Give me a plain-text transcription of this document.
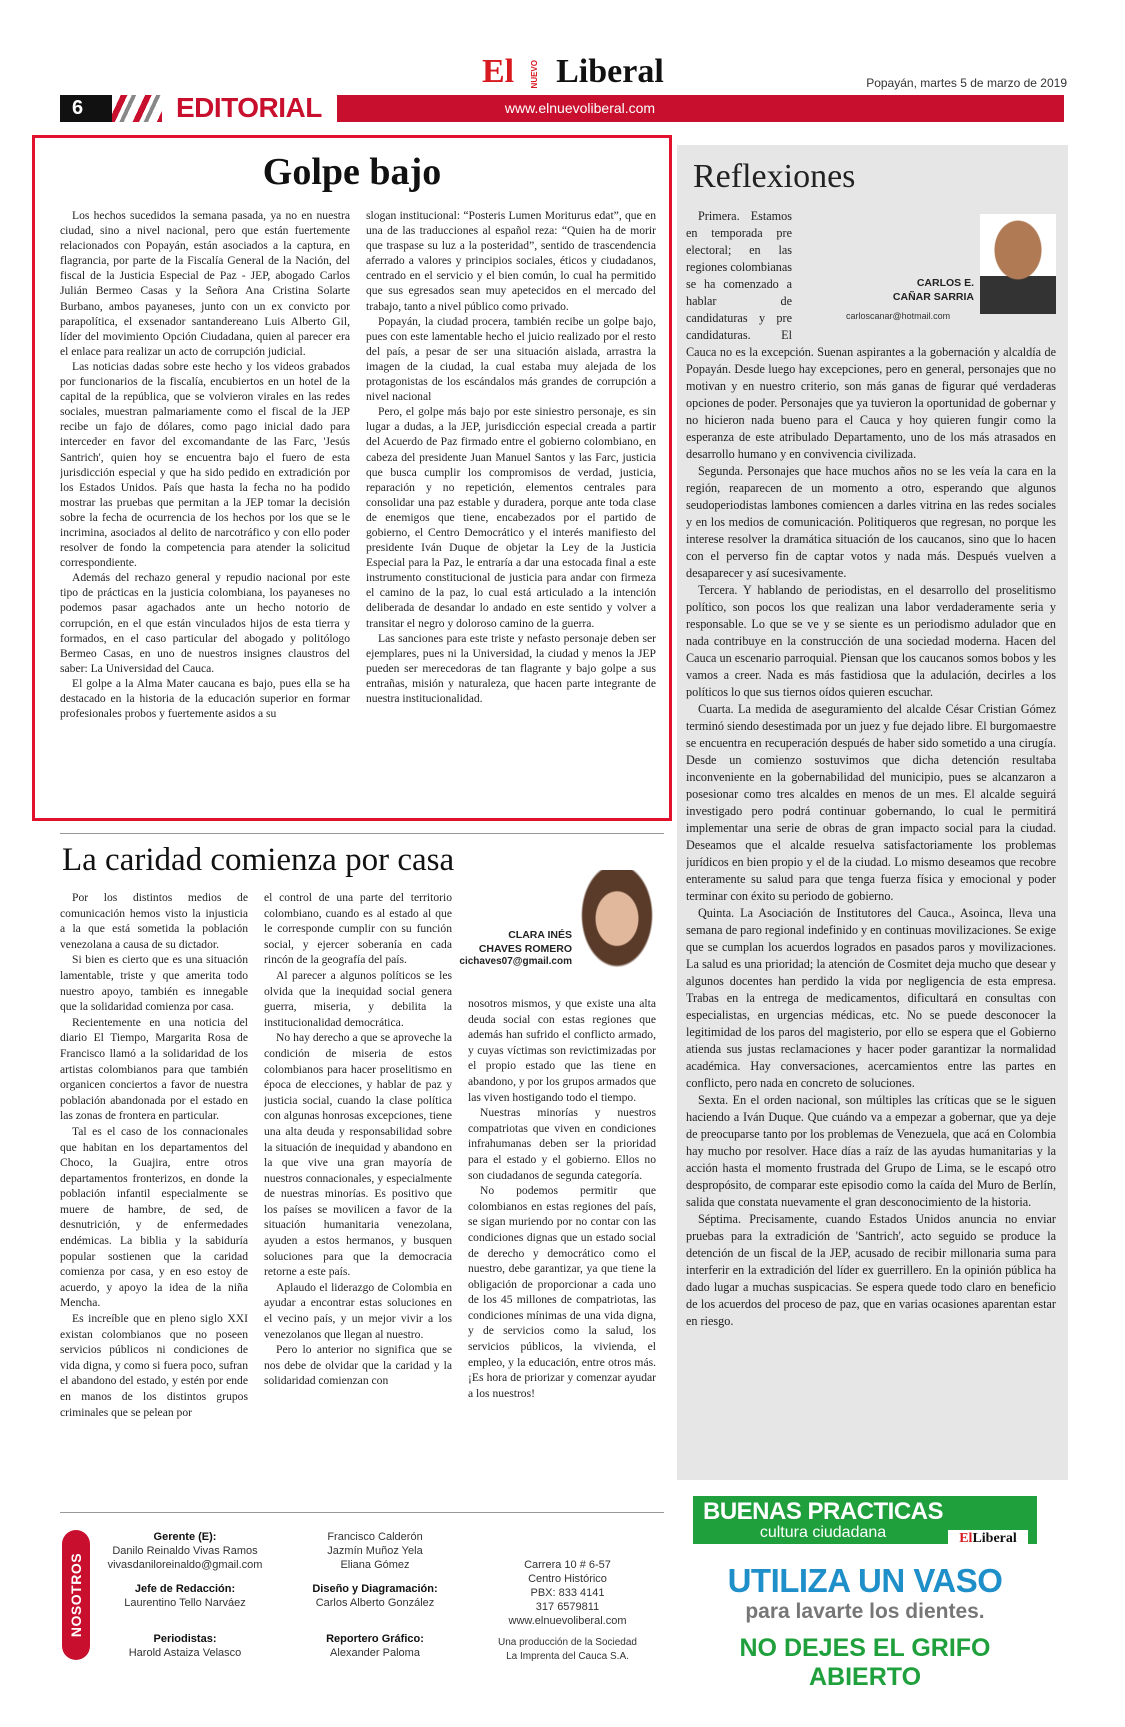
El NUEVO Liberal	Popayán, martes 5 de marzo de 2019
6	EDITORIAL	www.elnuevoliberal.com
Golpe bajo

Los hechos sucedidos la semana pasada, ya no en nuestra ciudad, sino a nivel nacional, pero que están fuertemente relacionados con Popayán, están asociados a la captura, en flagrancia, por parte de la Fiscalía General de la Nación, del fiscal de la Justicia Especial de Paz - JEP, abogado Carlos Julián Bermeo Casas y la Señora Ana Cristina Solarte Burbano, ambos payaneses, junto con un ex convicto por parapolítica, el exsenador santandereano Luis Alberto Gil, líder del movimiento Opción Ciudadana, quien al parecer era el enlace para realizar un acto de corrupción judicial.

Las noticias dadas sobre este hecho y los videos grabados por funcionarios de la fiscalía, encubiertos en un hotel de la capital de la república, que se volvieron virales en las redes sociales, muestran palmariamente como el fiscal de la JEP recibe un fajo de dólares, como pago inicial dado para interceder en favor del excomandante de las Farc, 'Jesús Santrich', quien hoy se encuentra bajo el fuero de esta jurisdicción especial y que ha sido pedido en extradición por los Estados Unidos. País que hasta la fecha no ha podido mostrar las pruebas que permitan a la JEP tomar la decisión sobre la fecha de ocurrencia de los hechos por los que se le incrimina, asociados al delito de narcotráfico y con ello poder resolver de fondo la competencia para atender la solicitud correspondiente.

Además del rechazo general y repudio nacional por este tipo de prácticas en la justicia colombiana, los payaneses no podemos pasar agachados ante un hecho notorio de corrupción, en el que están vinculados hijos de esta tierra y formados, en el caso particular del abogado y politólogo Bermeo Casas, en uno de nuestros insignes claustros del saber: La Universidad del Cauca.

El golpe a la Alma Mater caucana es bajo, pues ella se ha destacado en la historia de la educación superior en formar profesionales probos y fuertemente asidos a su

slogan institucional: “Posteris Lumen Moriturus edat”, que en una de las traducciones al español reza: “Quien ha de morir que traspase su luz a la posteridad”, sentido de trascendencia aferrado a valores y principios sociales, éticos y ciudadanos, centrado en el servicio y el bien común, lo cual ha permitido que sus egresados sean muy apetecidos en el mercado del trabajo, tanto a nivel público como privado.

Popayán, la ciudad procera, también recibe un golpe bajo, pues con este lamentable hecho el juicio realizado por el resto del país, a pesar de ser una situación aislada, arrastra la imagen de la ciudad, la cual estaba muy alejada de los protagonistas de los escándalos más grandes de corrupción a nivel nacional

Pero, el golpe más bajo por este siniestro personaje, es sin lugar a dudas, a la JEP, jurisdicción especial creada a partir del Acuerdo de Paz firmado entre el gobierno colombiano, en cabeza del presidente Juan Manuel Santos y las Farc, justicia que busca cumplir los compromisos de verdad, justicia, reparación y no repetición, elementos centrales para consolidar una paz estable y duradera, porque ante toda clase de enemigos que tiene, encabezados por el partido de gobierno, el Centro Democrático y el interés manifiesto del presidente Iván Duque de objetar la Ley de la Justicia Especial para la Paz, le entraría a dar una estocada final a este instrumento constitucional de justicia para andar con firmeza el camino de la paz, lo cual está articulado a la intención deliberada de desandar lo andado en este sentido y volver a transitar el negro y doloroso camino de la guerra.

Las sanciones para este triste y nefasto personaje deben ser ejemplares, pues ni la Universidad, la ciudad y menos la JEP pueden ser merecedoras de tan flagrante y bajo golpe a sus entrañas, misión y naturaleza, que hacen parte integrante de nuestra institucionalidad.

Reflexiones
CARLOS E.
CAÑAR SARRIA
carloscanar@hotmail.com

Primera. Estamos en temporada pre electoral; en las regiones colombianas se ha comenzado a hablar de candidaturas y pre candidaturas. El Cauca no es la excepción. Suenan aspirantes a la gobernación y alcaldía de Popayán. Desde luego hay excepciones, pero en general, personajes que no motivan y en nuestro criterio, son más ganas de figurar qué verdaderas opciones de poder. Personajes que ya tuvieron la oportunidad de gobernar y no hicieron nada bueno para el Cauca y hoy quieren fungir como la esperanza de este atribulado Departamento, uno de los más atrasados en desarrollo humano y en convivencia civilizada.

Segunda. Personajes que hace muchos años no se les veía la cara en la región, reaparecen de un momento a otro, esperando que algunos seudoperiodistas lambones comiencen a darles vitrina en las redes sociales y en los medios de comunicación. Politiqueros que regresan, no porque les interese resolver la dramática situación de los caucanos, sino que lo hacen con el perverso fin de captar votos y nada más. Después vuelven a desaparecer y así sucesivamente.

Tercera. Y hablando de periodistas, en el desarrollo del proselitismo político, son pocos los que realizan una labor verdaderamente seria y responsable. Lo que se ve y se siente es un periodismo adulador que en nada contribuye en la construcción de una sociedad moderna. Hacen del Cauca un escenario parroquial. Piensan que los caucanos somos bobos y les vamos a creer. Nada es más fastidiosa que la adulación, decirles a los políticos lo que sus tiernos oídos quieren escuchar.

Cuarta. La medida de aseguramiento del alcalde César Cristian Gómez terminó siendo desestimada por un juez y fue dejado libre. El burgomaestre se encuentra en recuperación después de haber sido sometido a una cirugía. Desde un comienzo sostuvimos que dicha detención resultaba inconveniente en la gobernabilidad del municipio, pues se alcanzaron a posesionar como tres alcaldes en menos de un mes. El alcalde seguirá investigado pero podrá continuar gobernando, lo cual le permitirá implementar una serie de obras de gran impacto social para la ciudad. Deseamos que el alcalde resuelva satisfactoriamente los problemas jurídicos en bien propio y el de la ciudad. Lo mismo deseamos que recobre enteramente su salud para que tenga fuerza física y emocional y poder terminar con éxito su periodo de gobierno.

Quinta. La Asociación de Institutores del Cauca., Asoinca, lleva una semana de paro regional indefinido y en continuas movilizaciones. Se exige que se cumplan los acuerdos logrados en pasados paros y movilizaciones. La salud es una prioridad; la atención de Cosmitet deja mucho que desear y algunos docentes han perdido la vida por negligencia de esta empresa. Trabas en la entrega de medicamentos, dificultará en consultas con especialistas, en urgencias médicas, etc. No se puede desconocer la legitimidad de los paros del magisterio, por ello se espera que el Gobierno atienda sus justas reclamaciones y hacer poder garantizar la normalidad académica. Hay conversaciones, acercamientos entre las partes en conflicto, pero nada en concreto de soluciones.

Sexta. En el orden nacional, son múltiples las críticas que se le siguen haciendo a Iván Duque. Que cuándo va a empezar a gobernar, que ya deje de preocuparse tanto por los problemas de Venezuela, que acá en Colombia hay mucho por resolver. Hace días a raíz de las ayudas humanitarias y la acción hasta el momento frustrada del Grupo de Lima, se le escapó otro despropósito, de comparar este episodio como la caída del Muro de Berlín, salida que constata nuevamente el gran desconocimiento de la historia.

Séptima. Precisamente, cuando Estados Unidos anuncia no enviar pruebas para la extradición de 'Santrich', acto seguido se produce la detención de un fiscal de la JEP, acusado de recibir millonaria suma para interferir en la extradición del líder ex guerrillero. En la opinión pública ha dado lugar a muchas suspicacias. Se espera quede todo claro en beneficio de los acuerdos del proceso de paz, que en varias ocasiones aparentan estar en riesgo.

La caridad comienza por casa
CLARA INÉS
CHAVES ROMERO
cichaves07@gmail.com

Por los distintos medios de comunicación hemos visto la injusticia a la que está sometida la población venezolana a causa de su dictador.

Si bien es cierto que es una situación lamentable, triste y que amerita todo nuestro apoyo, también es innegable que la solidaridad comienza por casa.

Recientemente en una noticia del diario El Tiempo, Margarita Rosa de Francisco llamó a la solidaridad de los artistas colombianos para que también organicen conciertos a favor de nuestra población abandonada por el estado en las zonas de frontera en particular.

Tal es el caso de los connacionales que habitan en los departamentos del Choco, la Guajira, entre otros departamentos fronterizos, en donde la población infantil especialmente se muere de hambre, de sed, de desnutrición, y de enfermedades endémicas. La biblia y la sabiduría popular sostienen que la caridad comienza por casa, y en eso estoy de acuerdo, y apoyo la idea de la niña Mencha.

Es increíble que en pleno siglo XXI existan colombianos que no poseen servicios públicos ni condiciones de vida digna, y como si fuera poco, sufran el abandono del estado, y estén por ende en manos de los distintos grupos criminales que se pelean por

el control de una parte del territorio colombiano, cuando es al estado al que le corresponde cumplir con su función social, y ejercer soberanía en cada rincón de la geografía del país.

Al parecer a algunos políticos se les olvida que la inequidad social genera guerra, miseria, y debilita la institucionalidad democrática.

No hay derecho a que se aproveche la condición de miseria de estos colombianos para hacer proselitismo en época de elecciones, y hablar de paz y justicia social, cuando la clase política con algunas honrosas excepciones, tiene una alta deuda y responsabilidad sobre la situación de inequidad y abandono en la que vive una gran mayoría de nuestros connacionales, y especialmente de nuestras minorías. Es positivo que los países se movilicen a favor de la situación humanitaria venezolana, ayuden a estos hermanos, y busquen soluciones para que la democracia retorne a este país.

Aplaudo el liderazgo de Colombia en ayudar a encontrar estas soluciones en el vecino país, y un mejor vivir a los venezolanos que llegan al nuestro.

Pero lo anterior no significa que se nos debe de olvidar que la caridad y la solidaridad comienzan con

nosotros mismos, y que existe una alta deuda social con estas regiones que además han sufrido el conflicto armado, y cuyas víctimas son revictimizadas por el propio estado que las tiene en abandono, y por los grupos armados que las viven hostigando todo el tiempo.

Nuestras minorías y nuestros compatriotas que viven en condiciones infrahumanas deben ser la prioridad para el estado y el gobierno. Ellos no son ciudadanos de segunda categoría.

No podemos permitir que colombianos en estas regiones del país, se sigan muriendo por no contar con las condiciones dignas que un estado social de derecho y democrático como el nuestro, debe garantizar, ya que tiene la obligación de proporcionar a cada uno de los 45 millones de compatriotas, las condiciones mínimas de una vida digna, y de servicios como la salud, los servicios públicos, la vivienda, el empleo, y la educación, entre otros más. ¡Es hora de priorizar y comenzar ayudar a los nuestros!

NOSOTROS
Gerente (E):
Danilo Reinaldo Vivas Ramos
vivasdaniloreinaldo@gmail.com
Jefe de Redacción:
Laurentino Tello Narváez
Periodistas:
Harold Astaiza Velasco
Francisco Calderón
Jazmín Muñoz Yela
Eliana Gómez
Diseño y Diagramación:
Carlos Alberto González
Reportero Gráfico:
Alexander Paloma
Carrera 10 # 6-57
Centro Histórico
PBX: 833 4141
317 6579811
www.elnuevoliberal.com
Una producción de la Sociedad
La Imprenta del Cauca S.A.
BUENAS PRACTICAS
cultura ciudadana	ElLiberal
UTILIZA UN VASO
para lavarte los dientes.
NO DEJES EL GRIFO ABIERTO
